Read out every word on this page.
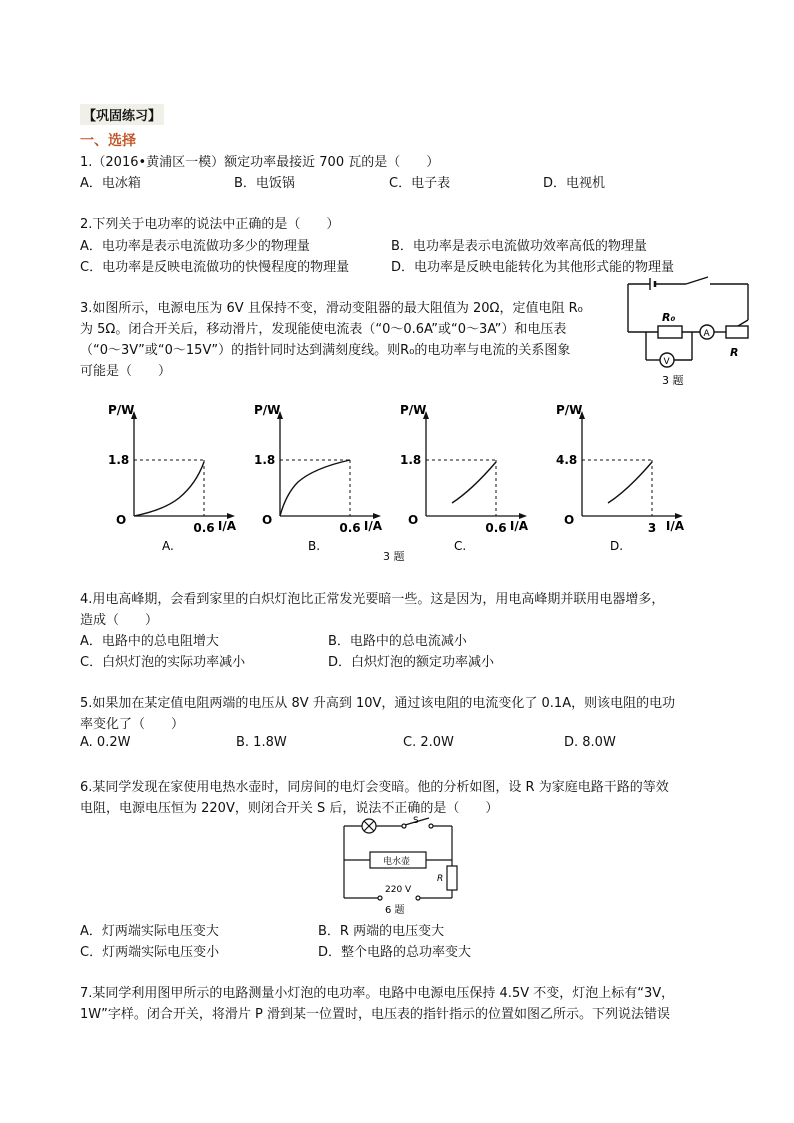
【巩固练习】
一、选择
1.（2016•黄浦区一模）额定功率最接近 700 瓦的是（　　）
A．电冰箱	B．电饭锅	C．电子表	D．电视机
2.下列关于电功率的说法中正确的是（　　）
A．电功率是表示电流做功多少的物理量	B．电功率是表示电流做功效率高低的物理量
C．电功率是反映电流做功的快慢程度的物理量	D．电功率是反映电能转化为其他形式能的物理量
3.如图所示，电源电压为 6V 且保持不变，滑动变阻器的最大阻值为 20Ω，定值电阻 R₀
为 5Ω。闭合开关后，移动滑片，发现能使电流表（“0～0.6A”或“0～3A”）和电压表
（“0～3V”或“0～15V”）的指针同时达到满刻度线。则R₀的电功率与电流的关系图象
可能是（　　）
R₀
A
V
R
3 题
P/W
I/A
O
1.8
0.6
A.
P/W
I/A
O
1.8
0.6
B.
P/W
I/A
O
1.8
0.6
C.
P/W
I/A
O
4.8
3
D.
3 题
4.用电高峰期，会看到家里的白炽灯泡比正常发光要暗一些。这是因为，用电高峰期并联用电器增多，
造成（　　）
A．电路中的总电阻增大	B．电路中的总电流减小
C．白炽灯泡的实际功率减小	D．白炽灯泡的额定功率减小
5.如果加在某定值电阻两端的电压从 8V 升高到 10V，通过该电阻的电流变化了 0.1A，则该电阻的电功
率变化了（　　）
A. 0.2W	B. 1.8W	C. 2.0W	D. 8.0W
6.某同学发现在家使用电热水壶时，同房间的电灯会变暗。他的分析如图，设 R 为家庭电路干路的等效
电阻，电源电压恒为 220V，则闭合开关 S 后，说法不正确的是（　　）
S
电水壶
R
220 V
6 题
A．灯两端实际电压变大	B．R 两端的电压变大
C．灯两端实际电压变小	D．整个电路的总功率变大
7.某同学利用图甲所示的电路测量小灯泡的电功率。电路中电源电压保持 4.5V 不变，灯泡上标有“3V，
1W”字样。闭合开关，将滑片 P 滑到某一位置时，电压表的指针指示的位置如图乙所示。下列说法错误
